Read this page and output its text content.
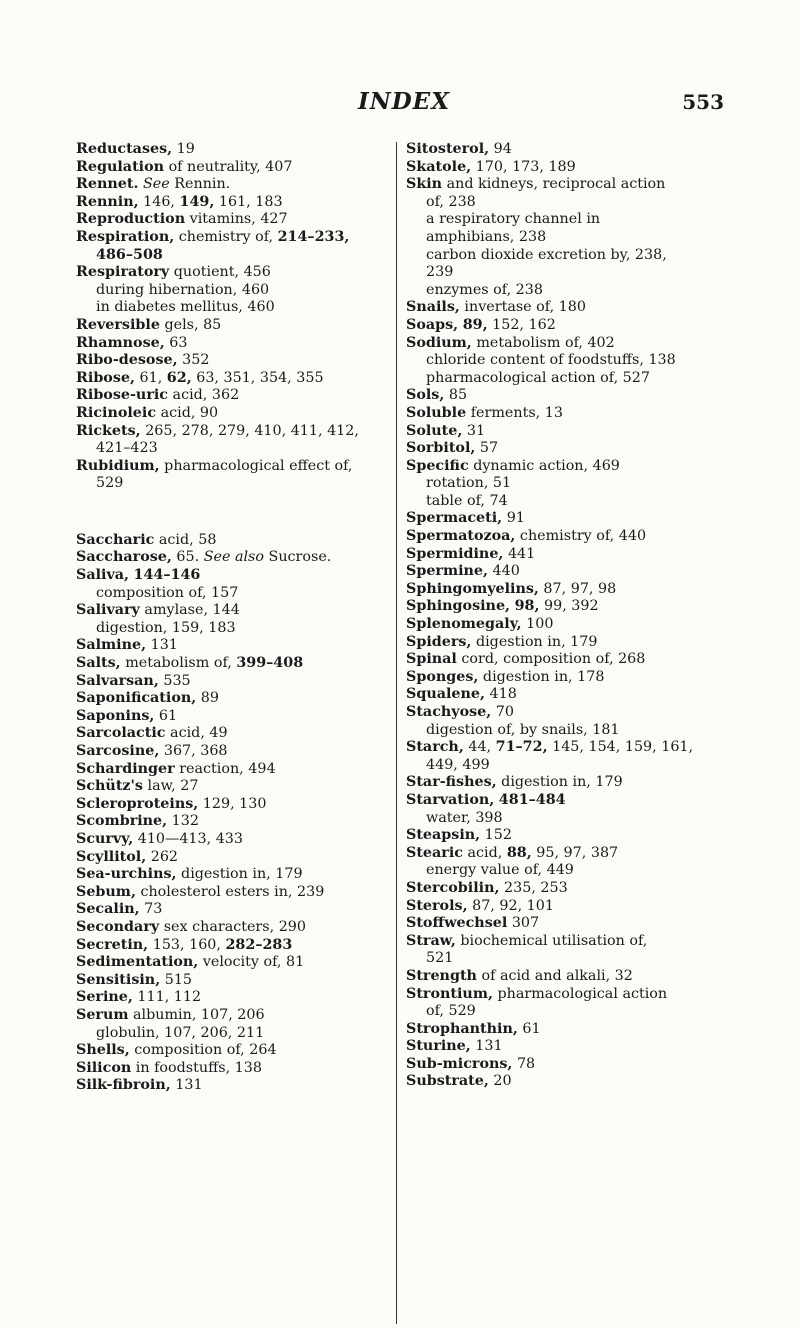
INDEX	553
Reductases, 19
Regulation of neutrality, 407
Rennet. See Rennin.
Rennin, 146, 149, 161, 183
Reproduction vitamins, 427
Respiration, chemistry of, 214–233,
486–508
Respiratory quotient, 456
during hibernation, 460
in diabetes mellitus, 460
Reversible gels, 85
Rhamnose, 63
Ribo-desose, 352
Ribose, 61, 62, 63, 351, 354, 355
Ribose-uric acid, 362
Ricinoleic acid, 90
Rickets, 265, 278, 279, 410, 411, 412,
421–423
Rubidium, pharmacological effect of,
529
Saccharic acid, 58
Saccharose, 65. See also Sucrose.
Saliva, 144–146
composition of, 157
Salivary amylase, 144
digestion, 159, 183
Salmine, 131
Salts, metabolism of, 399–408
Salvarsan, 535
Saponification, 89
Saponins, 61
Sarcolactic acid, 49
Sarcosine, 367, 368
Schardinger reaction, 494
Schütz's law, 27
Scleroproteins, 129, 130
Scombrine, 132
Scurvy, 410—413, 433
Scyllitol, 262
Sea-urchins, digestion in, 179
Sebum, cholesterol esters in, 239
Secalin, 73
Secondary sex characters, 290
Secretin, 153, 160, 282–283
Sedimentation, velocity of, 81
Sensitisin, 515
Serine, 111, 112
Serum albumin, 107, 206
globulin, 107, 206, 211
Shells, composition of, 264
Silicon in foodstuffs, 138
Silk-fibroin, 131
Sitosterol, 94
Skatole, 170, 173, 189
Skin and kidneys, reciprocal action
of, 238
a respiratory channel in
amphibians, 238
carbon dioxide excretion by, 238,
239
enzymes of, 238
Snails, invertase of, 180
Soaps, 89, 152, 162
Sodium, metabolism of, 402
chloride content of foodstuffs, 138
pharmacological action of, 527
Sols, 85
Soluble ferments, 13
Solute, 31
Sorbitol, 57
Specific dynamic action, 469
rotation, 51
table of, 74
Spermaceti, 91
Spermatozoa, chemistry of, 440
Spermidine, 441
Spermine, 440
Sphingomyelins, 87, 97, 98
Sphingosine, 98, 99, 392
Splenomegaly, 100
Spiders, digestion in, 179
Spinal cord, composition of, 268
Sponges, digestion in, 178
Squalene, 418
Stachyose, 70
digestion of, by snails, 181
Starch, 44, 71–72, 145, 154, 159, 161,
449, 499
Star-fishes, digestion in, 179
Starvation, 481–484
water, 398
Steapsin, 152
Stearic acid, 88, 95, 97, 387
energy value of, 449
Stercobilin, 235, 253
Sterols, 87, 92, 101
Stoffwechsel 307
Straw, biochemical utilisation of,
521
Strength of acid and alkali, 32
Strontium, pharmacological action
of, 529
Strophanthin, 61
Sturine, 131
Sub-microns, 78
Substrate, 20
